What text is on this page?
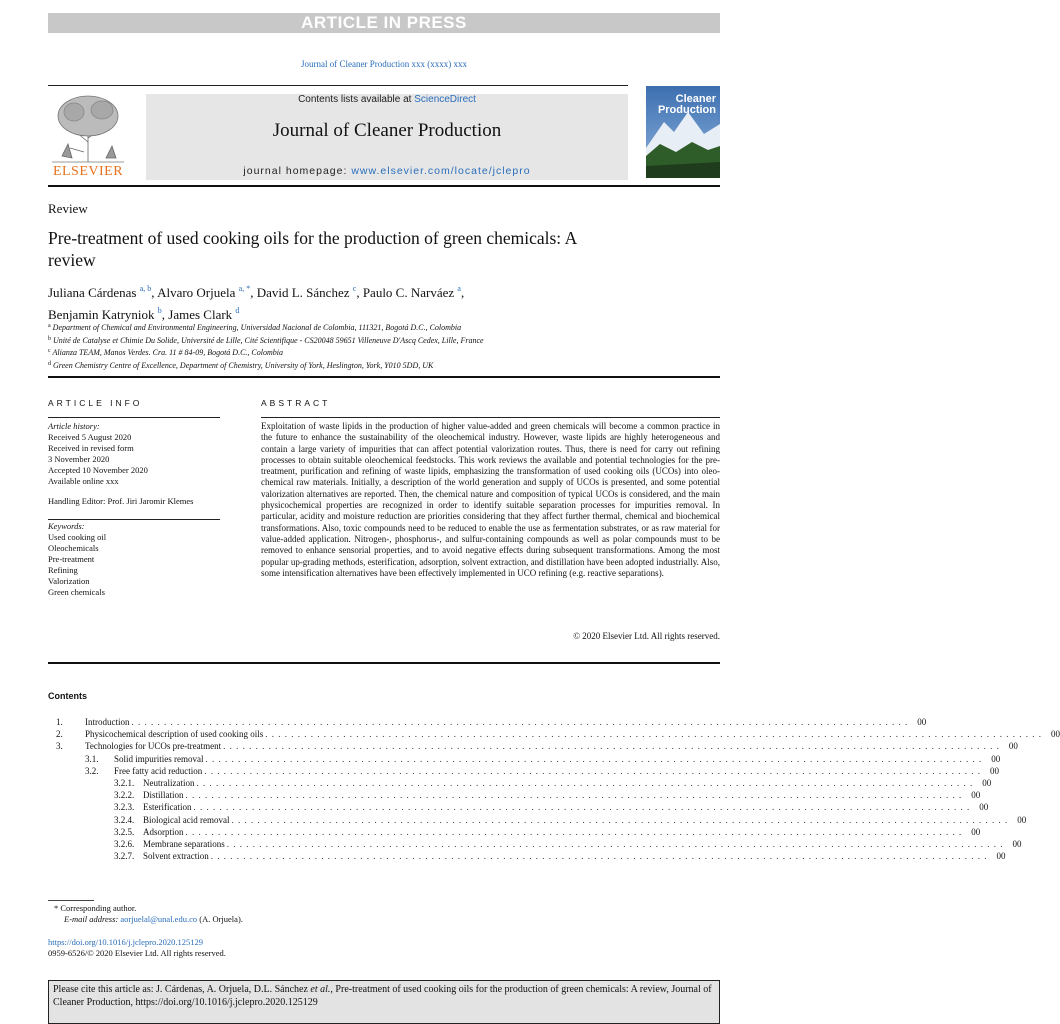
ARTICLE IN PRESS
Journal of Cleaner Production xxx (xxxx) xxx
ELSEVIER
Contents lists available at ScienceDirect
Journal of Cleaner Production
journal homepage: www.elsevier.com/locate/jclepro
Cleaner
Production
Review
Pre-treatment of used cooking oils for the production of green chemicals: A review
Juliana Cárdenas $^{a, b}$, Alvaro Orjuela $^{a, *}$, David L. Sánchez $^c$, Paulo C. Narváez $^a$,
Benjamin Katryniok $^b$, James Clark $^d$
$^a$ Department of Chemical and Environmental Engineering, Universidad Nacional de Colombia, 111321, Bogotá D.C., Colombia
$^b$ Unité de Catalyse et Chimie Du Solide, Université de Lille, Cité Scientifique - CS20048 59651 Villeneuve D'Ascq Cedex, Lille, France
$^c$ Alianza TEAM, Manos Verdes. Cra. 11 # 84-09, Bogotá D.C., Colombia
$^d$ Green Chemistry Centre of Excellence, Department of Chemistry, University of York, Heslington, York, Y010 5DD, UK
ARTICLE INFO
Article history:
Received 5 August 2020
Received in revised form
3 November 2020
Accepted 10 November 2020
Available online xxx
Handling Editor: Prof. Jiri Jaromir Klemes
Keywords:
Used cooking oil
Oleochemicals
Pre-treatment
Refining
Valorization
Green chemicals
ABSTRACT
Exploitation of waste lipids in the production of higher value-added and green chemicals will become a common practice in the future to enhance the sustainability of the oleochemical industry. However, waste lipids are highly heterogeneous and contain a large variety of impurities that can affect potential valorization routes. Thus, there is need for carry out refining processes to obtain suitable oleochemical feedstocks. This work reviews the available and potential technologies for the pre-treatment, purification and refining of waste lipids, emphasizing the transformation of used cooking oils (UCOs) into oleo-chemical raw materials. Initially, a description of the world generation and supply of UCOs is presented, and some potential valorization alternatives are reported. Then, the chemical nature and composition of typical UCOs is considered, and the main physicochemical properties are recognized in order to identify suitable separation processes for impurities removal. In particular, acidity and moisture reduction are priorities considering that they affect further thermal, chemical and biochemical transformations. Also, toxic compounds need to be reduced to enable the use as fermentation substrates, or as raw material for value-added application. Nitrogen-, phosphorus-, and sulfur-containing compounds as well as polar compounds must to be removed to enhance sensorial properties, and to avoid negative effects during subsequent transformations. Among the most popular up-grading methods, esterification, adsorption, solvent extraction, and distillation have been adopted industrially. Also, some intensification alternatives have been effectively implemented in UCO refining (e.g. reactive separations).
© 2020 Elsevier Ltd. All rights reserved.
Contents
1.	Introduction . . . . . . . . . . . . . . . . . . . . . . . . . . . . . . . . . . . . . . . . . . . . . . . . . . . . . . . . . . . . . . . . . . . . . . . . . . . . . . . . . . . . . . . . . . . . . . . . . . . . . . . . . . . . . . . . . . . . . . . .	00
2.	Physicochemical description of used cooking oils . . . . . . . . . . . . . . . . . . . . . . . . . . . . . . . . . . . . . . . . . . . . . . . . . . . . . . . . . . . . . . . . . . . . . . . . . . . . . . . . . . . . . . . . . . . . . . . . . . . . . . . . . . . . . . . . . . . . . . . .	00
3.	Technologies for UCOs pre-treatment . . . . . . . . . . . . . . . . . . . . . . . . . . . . . . . . . . . . . . . . . . . . . . . . . . . . . . . . . . . . . . . . . . . . . . . . . . . . . . . . . . . . . . . . . . . . . . . . . . . . . . . . . . . . . . . . . . . . . . . .	00
3.1.	Solid impurities removal . . . . . . . . . . . . . . . . . . . . . . . . . . . . . . . . . . . . . . . . . . . . . . . . . . . . . . . . . . . . . . . . . . . . . . . . . . . . . . . . . . . . . . . . . . . . . . . . . . . . . . . . . . . . . . . . . . . . . . . .	00
3.2.	Free fatty acid reduction . . . . . . . . . . . . . . . . . . . . . . . . . . . . . . . . . . . . . . . . . . . . . . . . . . . . . . . . . . . . . . . . . . . . . . . . . . . . . . . . . . . . . . . . . . . . . . . . . . . . . . . . . . . . . . . . . . . . . . . .	00
3.2.1. Neutralization . . . . . . . . . . . . . . . . . . . . . . . . . . . . . . . . . . . . . . . . . . . . . . . . . . . . . . . . . . . . . . . . . . . . . . . . . . . . . . . . . . . . . . . . . . . . . . . . . . . . . . . . . . . . . . . . . . . . . . . .	00
3.2.2. Distillation . . . . . . . . . . . . . . . . . . . . . . . . . . . . . . . . . . . . . . . . . . . . . . . . . . . . . . . . . . . . . . . . . . . . . . . . . . . . . . . . . . . . . . . . . . . . . . . . . . . . . . . . . . . . . . . . . . . . . . . .	00
3.2.3. Esterification . . . . . . . . . . . . . . . . . . . . . . . . . . . . . . . . . . . . . . . . . . . . . . . . . . . . . . . . . . . . . . . . . . . . . . . . . . . . . . . . . . . . . . . . . . . . . . . . . . . . . . . . . . . . . . . . . . . . . . . .	00
3.2.4. Biological acid removal . . . . . . . . . . . . . . . . . . . . . . . . . . . . . . . . . . . . . . . . . . . . . . . . . . . . . . . . . . . . . . . . . . . . . . . . . . . . . . . . . . . . . . . . . . . . . . . . . . . . . . . . . . . . . . . . . . . . . . . .	00
3.2.5. Adsorption . . . . . . . . . . . . . . . . . . . . . . . . . . . . . . . . . . . . . . . . . . . . . . . . . . . . . . . . . . . . . . . . . . . . . . . . . . . . . . . . . . . . . . . . . . . . . . . . . . . . . . . . . . . . . . . . . . . . . . . .	00
3.2.6. Membrane separations . . . . . . . . . . . . . . . . . . . . . . . . . . . . . . . . . . . . . . . . . . . . . . . . . . . . . . . . . . . . . . . . . . . . . . . . . . . . . . . . . . . . . . . . . . . . . . . . . . . . . . . . . . . . . . . . . . . . . . . .	00
3.2.7. Solvent extraction . . . . . . . . . . . . . . . . . . . . . . . . . . . . . . . . . . . . . . . . . . . . . . . . . . . . . . . . . . . . . . . . . . . . . . . . . . . . . . . . . . . . . . . . . . . . . . . . . . . . . . . . . . . . . . . . . . . . . . . .	00
* Corresponding author.
E-mail address: aorjuelal@unal.edu.co (A. Orjuela).
https://doi.org/10.1016/j.jclepro.2020.125129
0959-6526/© 2020 Elsevier Ltd. All rights reserved.
Please cite this article as: J. Cárdenas, A. Orjuela, D.L. Sánchez et al., Pre-treatment of used cooking oils for the production of green chemicals: A review, Journal of Cleaner Production, https://doi.org/10.1016/j.jclepro.2020.125129
